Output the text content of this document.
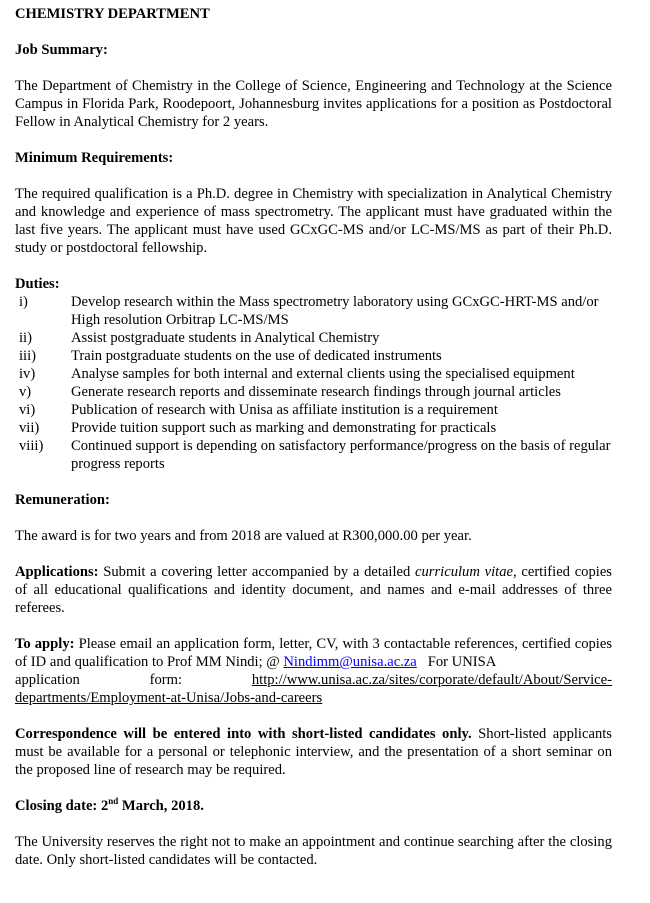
CHEMISTRY DEPARTMENT

Job Summary:

The Department of Chemistry in the College of Science, Engineering and Technology at the Science Campus in Florida Park, Roodepoort, Johannesburg invites applications for a position as Postdoctoral Fellow in Analytical Chemistry for 2 years.

Minimum Requirements:

The required qualification is a Ph.D. degree in Chemistry with specialization in Analytical Chemistry and knowledge and experience of mass spectrometry. The applicant must have graduated within the last five years. The applicant must have used GCxGC-MS and/or LC-MS/MS as part of their Ph.D. study or postdoctoral fellowship.

Duties:

i)	Develop research within the Mass spectrometry laboratory using GCxGC-HRT-MS and/or High resolution Orbitrap LC-MS/MS
ii)	Assist postgraduate students in Analytical Chemistry
iii)	Train postgraduate students on the use of dedicated instruments
iv)	Analyse samples for both internal and external clients using the specialised equipment
v)	Generate research reports and disseminate research findings through journal articles
vi)	Publication of research with Unisa as affiliate institution is a requirement
vii)	Provide tuition support such as marking and demonstrating for practicals
viii)	Continued support is depending on satisfactory performance/progress on the basis of regular progress reports

Remuneration:

The award is for two years and from 2018 are valued at R300,000.00 per year.

Applications: Submit a covering letter accompanied by a detailed curriculum vitae, certified copies of all educational qualifications and identity document, and names and e-mail addresses of three referees.

To apply: Please email an application form, letter, CV, with 3 contactable references, certified copies of ID and qualification to Prof MM Nindi; @ Nindimm@unisa.ac.za   For UNISA

application	form:	http://www.unisa.ac.za/sites/corporate/default/About/Service-

departments/Employment-at-Unisa/Jobs-and-careers

Correspondence will be entered into with short-listed candidates only. Short-listed applicants must be available for a personal or telephonic interview, and the presentation of a short seminar on the proposed line of research may be required.

Closing date: 2nd March, 2018.

The University reserves the right not to make an appointment and continue searching after the closing date. Only short-listed candidates will be contacted.
